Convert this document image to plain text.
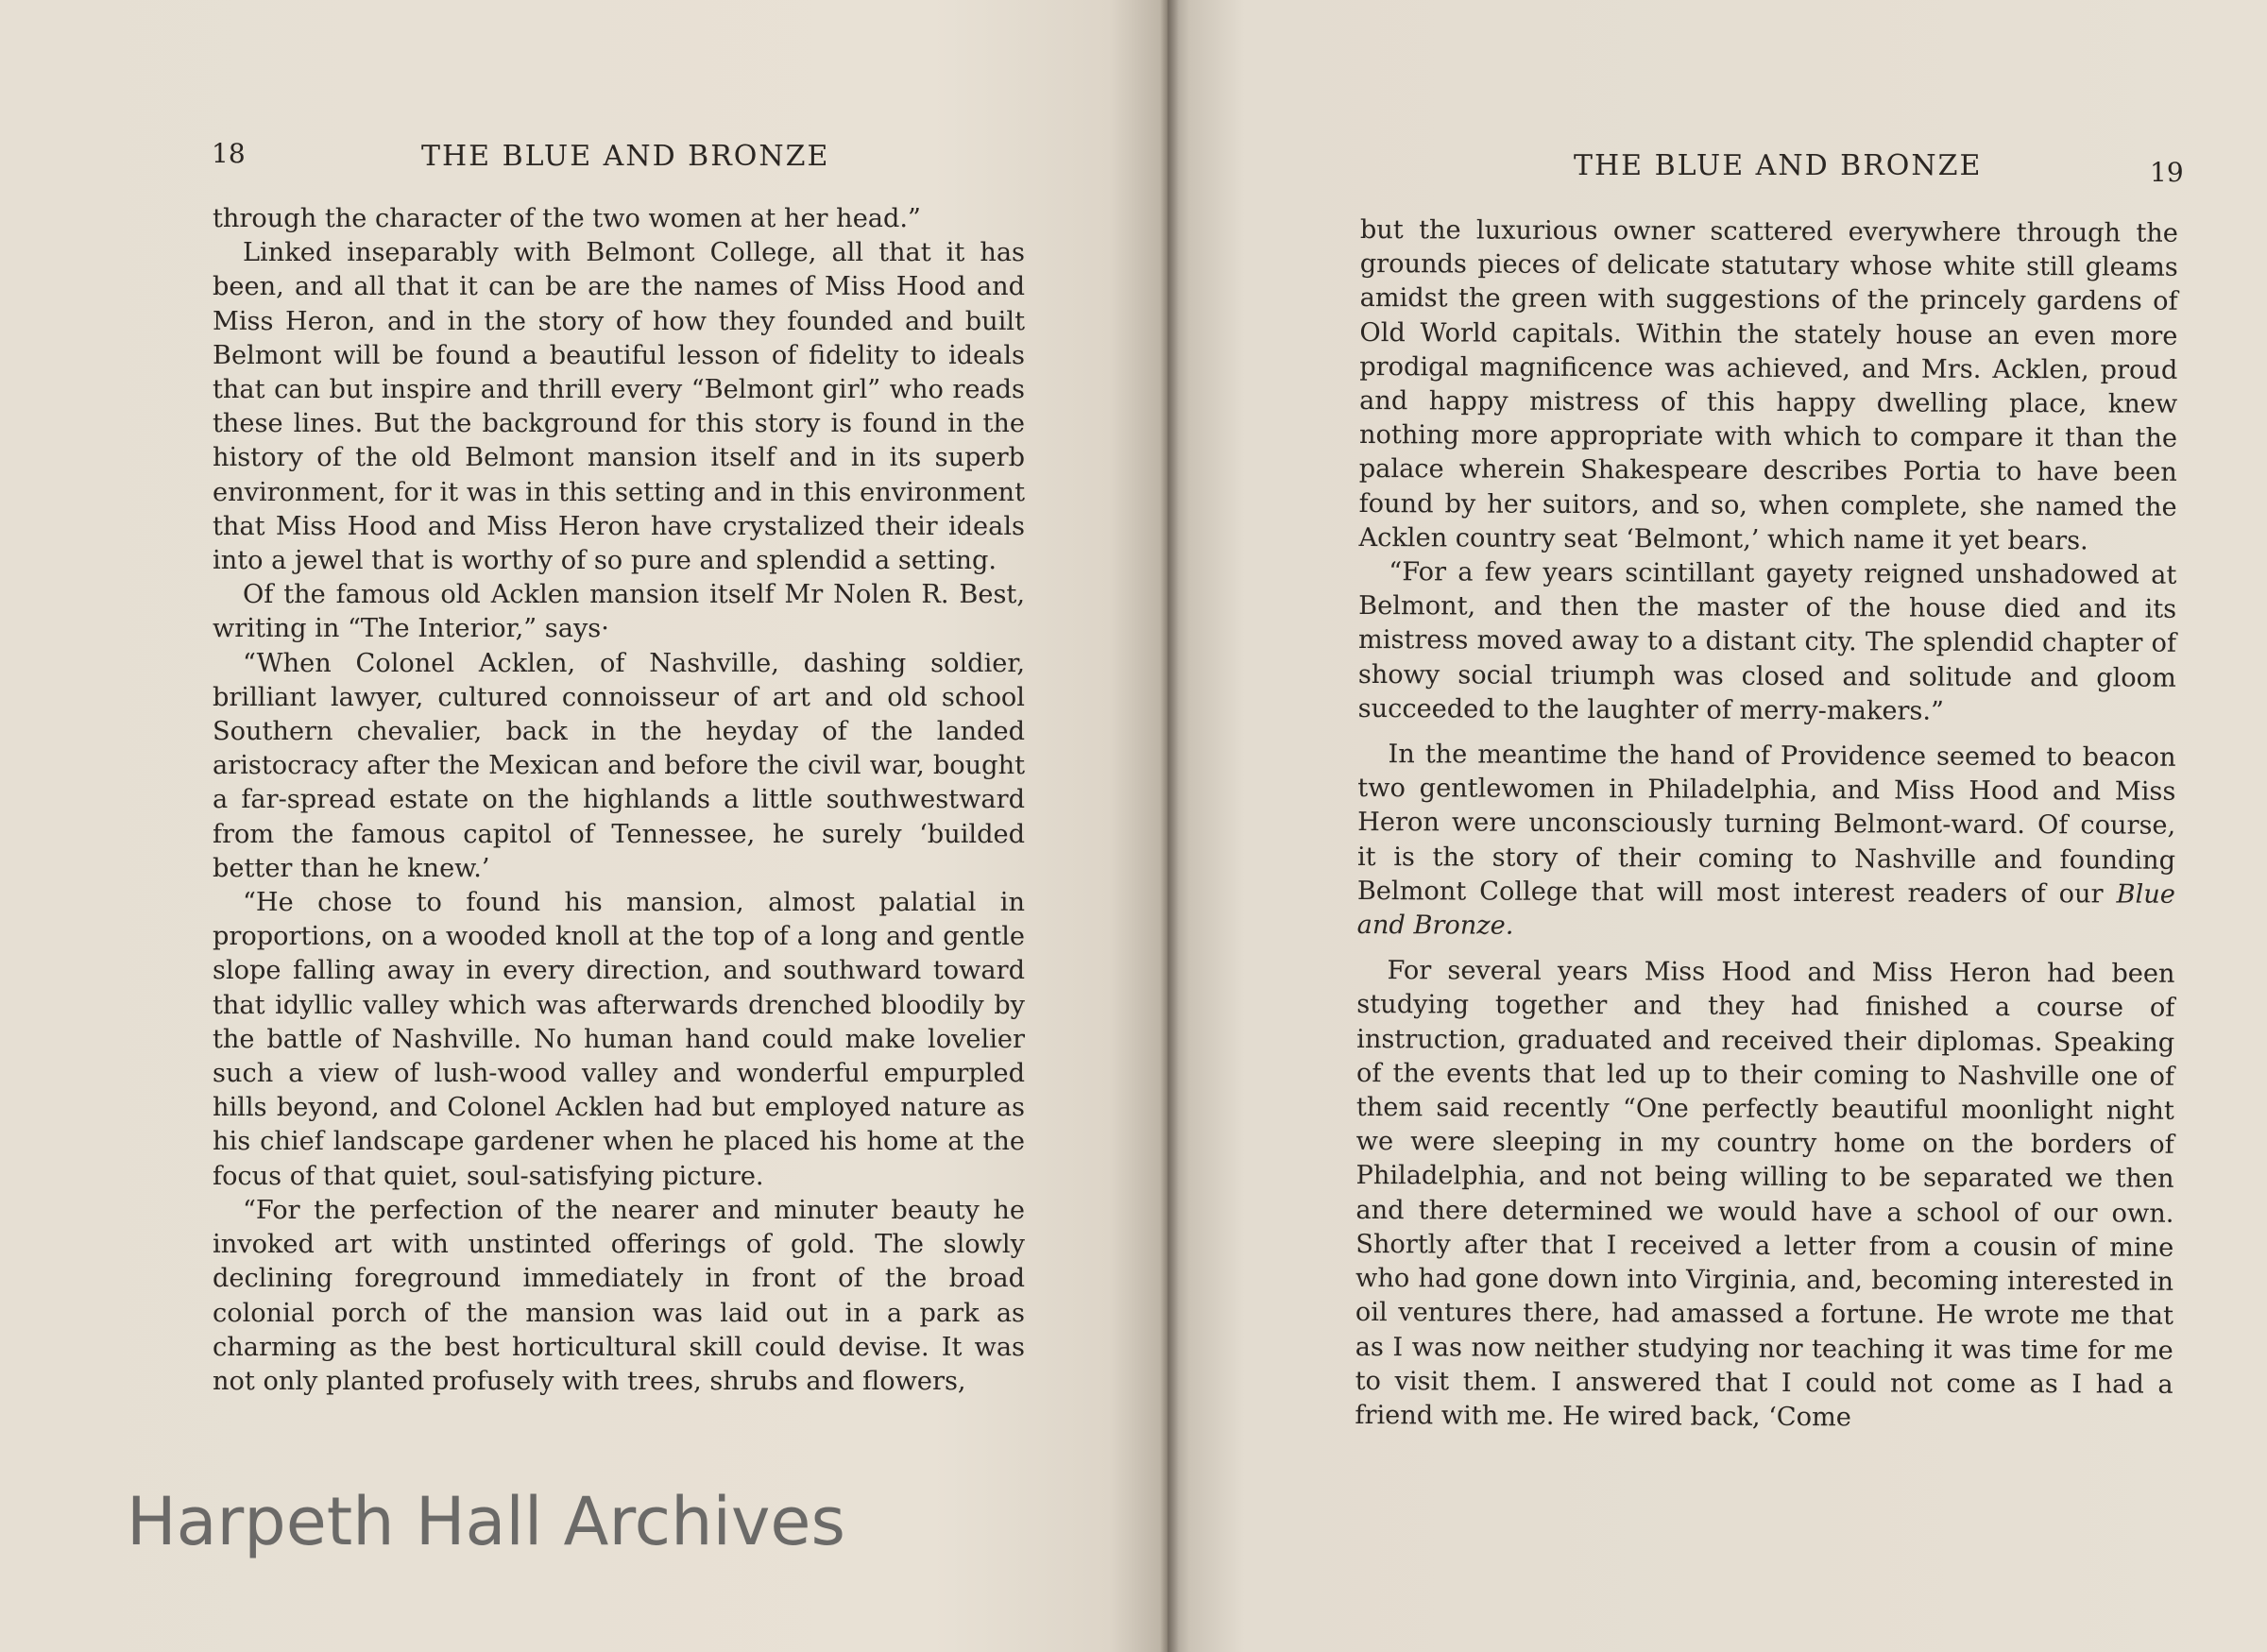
18	THE BLUE AND BRONZE

through the character of the two women at her head.”

Linked inseparably with Belmont College, all that it has been, and all that it can be are the names of Miss Hood and Miss Heron, and in the story of how they founded and built Belmont will be found a beautiful lesson of fidelity to ideals that can but inspire and thrill every “Belmont girl” who reads these lines. But the background for this story is found in the history of the old Belmont mansion itself and in its superb environment, for it was in this setting and in this environment that Miss Hood and Miss Heron have crystalized their ideals into a jewel that is worthy of so pure and splendid a setting.

Of the famous old Acklen mansion itself Mr Nolen R. Best, writing in “The Interior,” says·

“When Colonel Acklen, of Nashville, dashing soldier, brilliant lawyer, cultured connoisseur of art and old school Southern chevalier, back in the heyday of the landed aristocracy after the Mexican and before the civil war, bought a far-spread estate on the highlands a little southwestward from the famous capitol of Tennessee, he surely ‘builded better than he knew.’

“He chose to found his mansion, almost palatial in proportions, on a wooded knoll at the top of a long and gentle slope falling away in every direction, and southward toward that idyllic valley which was afterwards drenched bloodily by the battle of Nashville. No human hand could make lovelier such a view of lush-wood valley and wonderful empurpled hills beyond, and Colonel Acklen had but employed nature as his chief landscape gardener when he placed his home at the focus of that quiet, soul-satisfying picture.

“For the perfection of the nearer and minuter beauty he invoked art with unstinted offerings of gold. The slowly declining foreground immediately in front of the broad colonial porch of the mansion was laid out in a park as charming as the best horticultural skill could devise. It was not only planted profusely with trees, shrubs and flowers,

THE BLUE AND BRONZE	19

but the luxurious owner scattered everywhere through the grounds pieces of delicate statutary whose white still gleams amidst the green with suggestions of the princely gardens of Old World capitals. Within the stately house an even more prodigal magnificence was achieved, and Mrs. Acklen, proud and happy mistress of this happy dwelling place, knew nothing more appropriate with which to compare it than the palace wherein Shakespeare describes Portia to have been found by her suitors, and so, when complete, she named the Acklen country seat ‘Belmont,’ which name it yet bears.

“For a few years scintillant gayety reigned unshadowed at Belmont, and then the master of the house died and its mistress moved away to a distant city. The splendid chapter of showy social triumph was closed and solitude and gloom succeeded to the laughter of merry-makers.”

In the meantime the hand of Providence seemed to beacon two gentlewomen in Philadelphia, and Miss Hood and Miss Heron were unconsciously turning Belmont-ward. Of course, it is the story of their coming to Nashville and founding Belmont College that will most interest readers of our Blue and Bronze.

For several years Miss Hood and Miss Heron had been studying together and they had finished a course of instruction, graduated and received their diplomas. Speaking of the events that led up to their coming to Nashville one of them said recently “One perfectly beautiful moonlight night we were sleeping in my country home on the borders of Philadelphia, and not being willing to be separated we then and there determined we would have a school of our own. Shortly after that I received a letter from a cousin of mine who had gone down into Virginia, and, becoming interested in oil ventures there, had amassed a fortune. He wrote me that as I was now neither studying nor teaching it was time for me to visit them. I answered that I could not come as I had a friend with me. He wired back, ‘Come

Harpeth Hall Archives
